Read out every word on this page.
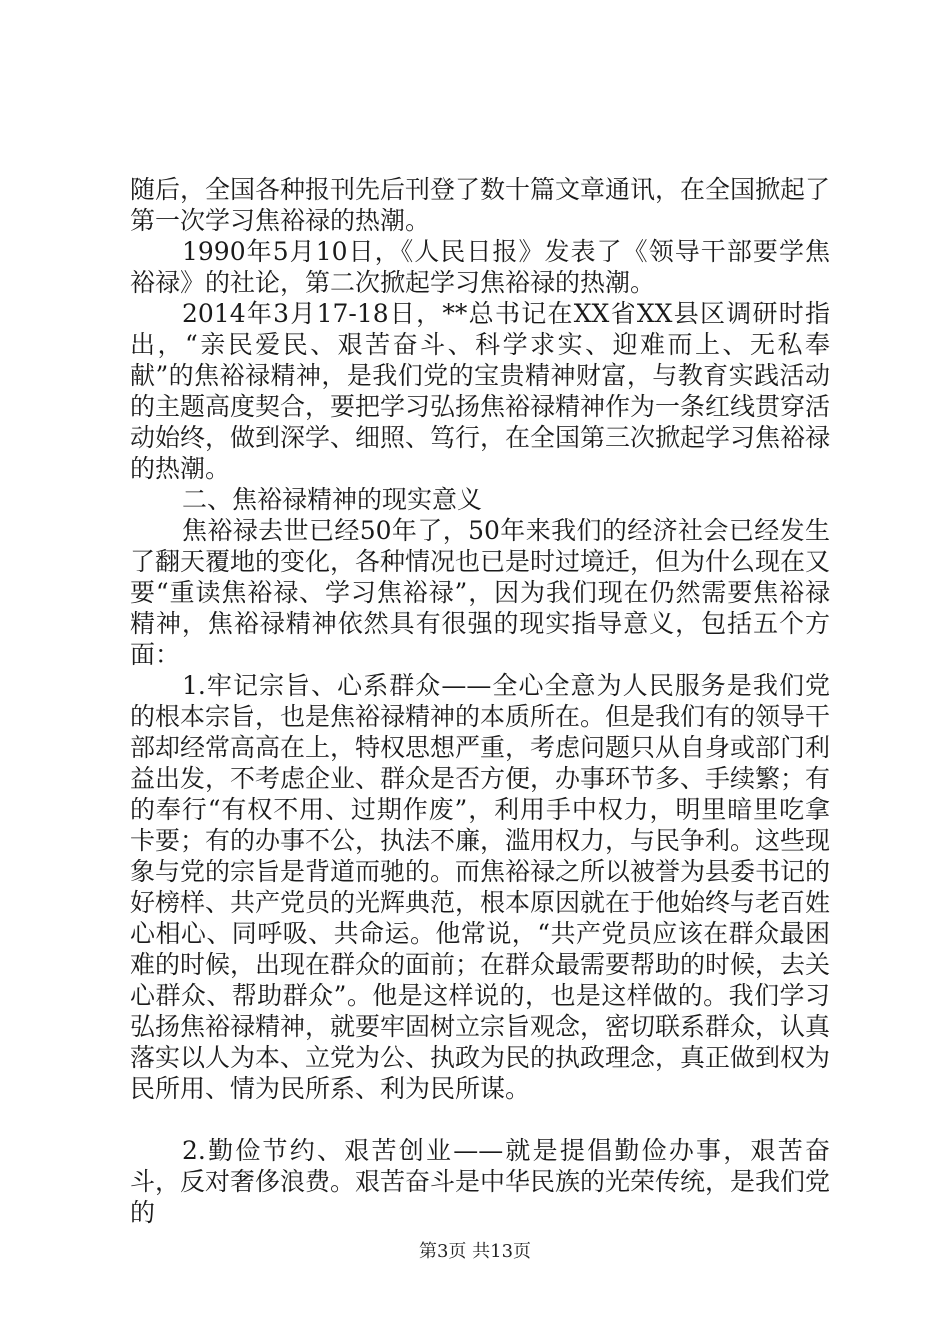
随后，全国各种报刊先后刊登了数十篇文章通讯，在全国掀起了第一次学习焦裕禄的热潮。

1990年5月10日，《人民日报》发表了《领导干部要学焦裕禄》的社论，第二次掀起学习焦裕禄的热潮。

2014年3月17-18日，**总书记在XX省XX县区调研时指出，“亲民爱民、艰苦奋斗、科学求实、迎难而上、无私奉献”的焦裕禄精神，是我们党的宝贵精神财富，与教育实践活动的主题高度契合，要把学习弘扬焦裕禄精神作为一条红线贯穿活动始终，做到深学、细照、笃行，在全国第三次掀起学习焦裕禄的热潮。

二、焦裕禄精神的现实意义

焦裕禄去世已经50年了，50年来我们的经济社会已经发生了翻天覆地的变化，各种情况也已是时过境迁，但为什么现在又要“重读焦裕禄、学习焦裕禄”，因为我们现在仍然需要焦裕禄精神，焦裕禄精神依然具有很强的现实指导意义，包括五个方面：

1.牢记宗旨、心系群众——全心全意为人民服务是我们党的根本宗旨，也是焦裕禄精神的本质所在。但是我们有的领导干部却经常高高在上，特权思想严重，考虑问题只从自身或部门利益出发，不考虑企业、群众是否方便，办事环节多、手续繁；有的奉行“有权不用、过期作废”，利用手中权力，明里暗里吃拿卡要；有的办事不公，执法不廉，滥用权力，与民争利。这些现象与党的宗旨是背道而驰的。而焦裕禄之所以被誉为县委书记的好榜样、共产党员的光辉典范，根本原因就在于他始终与老百姓心相心、同呼吸、共命运。他常说，“共产党员应该在群众最困难的时候，出现在群众的面前；在群众最需要帮助的时候，去关心群众、帮助群众”。他是这样说的，也是这样做的。我们学习弘扬焦裕禄精神，就要牢固树立宗旨观念，密切联系群众，认真落实以人为本、立党为公、执政为民的执政理念，真正做到权为民所用、情为民所系、利为民所谋。

2.勤俭节约、艰苦创业——就是提倡勤俭办事，艰苦奋斗，反对奢侈浪费。艰苦奋斗是中华民族的光荣传统，是我们党的

第3页 共13页
